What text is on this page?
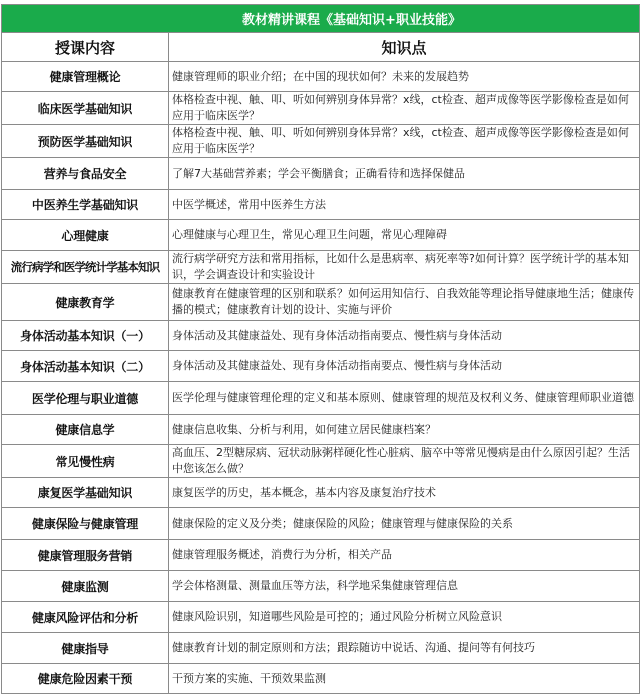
教材精讲课程《基础知识+职业技能》	
授课内容	知识点
健康管理概论	健康管理师的职业介绍；在中国的现状如何？未来的发展趋势
临床医学基础知识	体格检查中视、触、叩、听如何辨别身体异常？x线，ct检查、超声成像等医学影像检查是如何应用于临床医学？
预防医学基础知识	体格检查中视、触、叩、听如何辨别身体异常？x线，ct检查、超声成像等医学影像检查是如何应用于临床医学？
营养与食品安全	了解7大基础营养素；学会平衡膳食；正确看待和选择保健品
中医养生学基础知识	中医学概述，常用中医养生方法
心理健康	心理健康与心理卫生，常见心理卫生问题，常见心理障碍
流行病学和医学统计学基本知识	流行病学研究方法和常用指标，比如什么是患病率、病死率等?如何计算？医学统计学的基本知识，学会调查设计和实验设计
健康教育学	健康教育在健康管理的区别和联系？如何运用知信行、自我效能等理论指导健康地生活；健康传播的模式；健康教育计划的设计、实施与评价
身体活动基本知识（一）	身体活动及其健康益处、现有身体活动指南要点、慢性病与身体活动
身体活动基本知识（二）	身体活动及其健康益处、现有身体活动指南要点、慢性病与身体活动
医学伦理与职业道德	医学伦理与健康管理伦理的定义和基本原则、健康管理的规范及权利义务、健康管理师职业道德
健康信息学	健康信息收集、分析与利用，如何建立居民健康档案？
常见慢性病	高血压、2型糖尿病、冠状动脉粥样硬化性心脏病、脑卒中等常见慢病是由什么原因引起？生活中您该怎么做？
康复医学基础知识	康复医学的历史，基本概念，基本内容及康复治疗技术
健康保险与健康管理	健康保险的定义及分类；健康保险的风险；健康管理与健康保险的关系
健康管理服务营销	健康管理服务概述，消费行为分析，相关产品
健康监测	学会体格测量、测量血压等方法，科学地采集健康管理信息
健康风险评估和分析	健康风险识别，知道哪些风险是可控的；通过风险分析树立风险意识
健康指导	健康教育计划的制定原则和方法；跟踪随访中说话、沟通、提问等有何技巧
健康危险因素干预	干预方案的实施、干预效果监测
